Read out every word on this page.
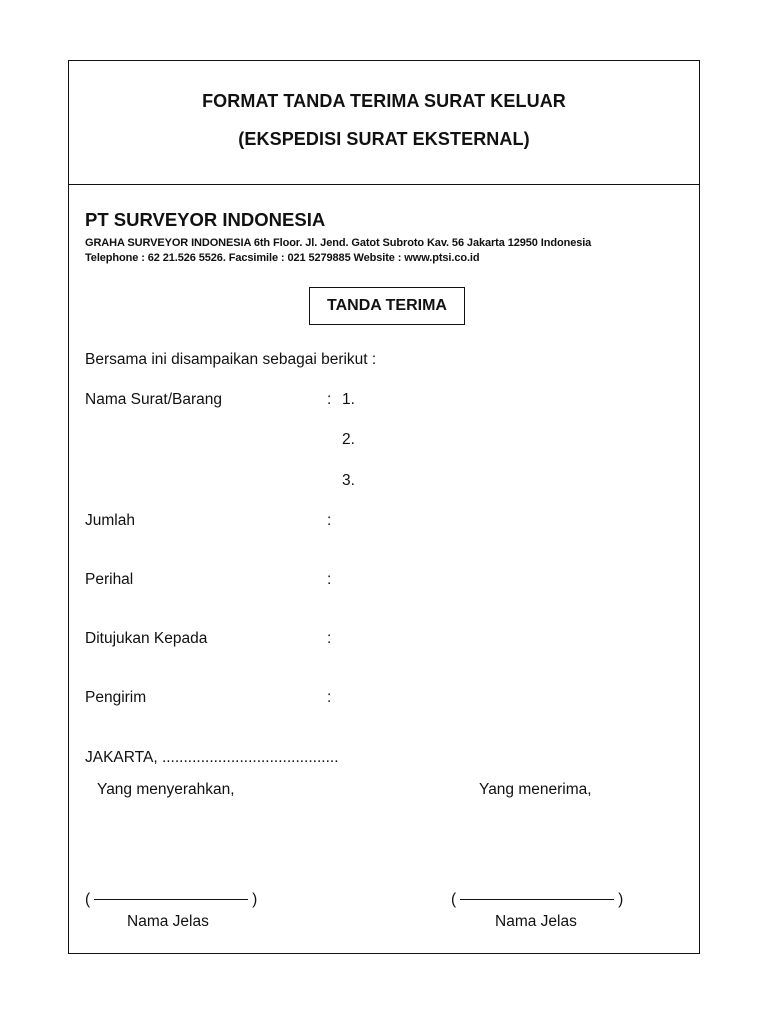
FORMAT TANDA TERIMA SURAT KELUAR
(EKSPEDISI SURAT EKSTERNAL)
PT SURVEYOR INDONESIA
GRAHA SURVEYOR INDONESIA 6th Floor. Jl. Jend. Gatot Subroto Kav. 56 Jakarta 12950 Indonesia
Telephone : 62 21.526 5526. Facsimile : 021 5279885 Website : www.ptsi.co.id
TANDA TERIMA
Bersama ini disampaikan sebagai berikut :
Nama Surat/Barang	: 1.
2.
3.
Jumlah	:
Perihal	:
Ditujukan Kepada	:
Pengirim	:
JAKARTA, .........................................
Yang menyerahkan,	Yang menerima,
(	)
Nama Jelas
(	)
Nama Jelas
